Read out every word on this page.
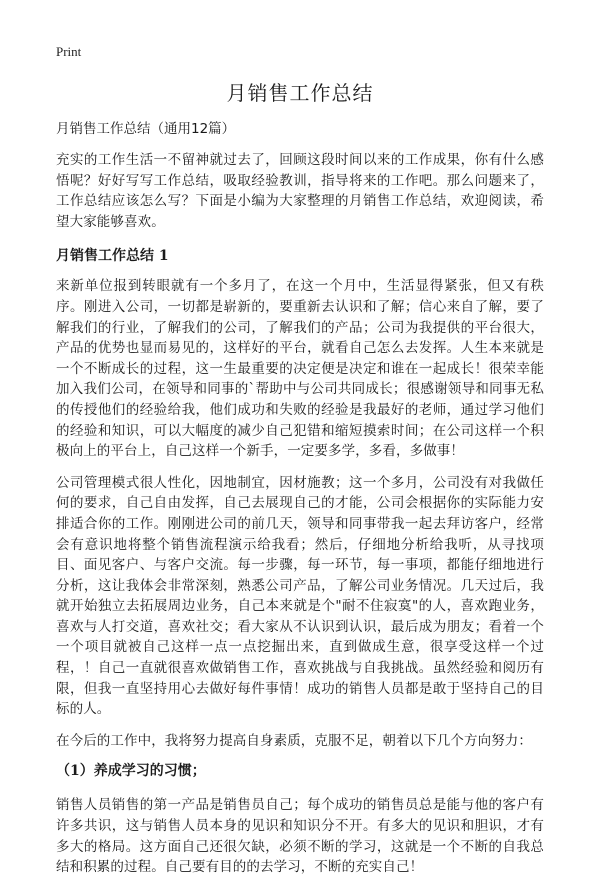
Print
月销售工作总结
月销售工作总结（通用12篇）

充实的工作生活一不留神就过去了，回顾这段时间以来的工作成果，你有什么感悟呢？好好写写工作总结，吸取经验教训，指导将来的工作吧。那么问题来了，工作总结应该怎么写？下面是小编为大家整理的月销售工作总结，欢迎阅读，希望大家能够喜欢。

月销售工作总结 1

来新单位报到转眼就有一个多月了，在这一个月中，生活显得紧张，但又有秩序。刚进入公司，一切都是崭新的，要重新去认识和了解；信心来自了解，要了解我们的行业，了解我们的公司，了解我们的产品；公司为我提供的平台很大，产品的优势也显而易见的，这样好的平台，就看自己怎么去发挥。人生本来就是一个不断成长的过程，这一生最重要的决定便是决定和谁在一起成长！很荣幸能加入我们公司，在领导和同事的`帮助中与公司共同成长；很感谢领导和同事无私的传授他们的经验给我，他们成功和失败的经验是我最好的老师，通过学习他们的经验和知识，可以大幅度的减少自己犯错和缩短摸索时间；在公司这样一个积极向上的平台上，自己这样一个新手，一定要多学，多看，多做事！

公司管理模式很人性化，因地制宜，因材施教；这一个多月，公司没有对我做任何的要求，自己自由发挥，自己去展现自己的才能，公司会根据你的实际能力安排适合你的工作。刚刚进公司的前几天，领导和同事带我一起去拜访客户，经常会有意识地将整个销售流程演示给我看；然后，仔细地分析给我听，从寻找项目、面见客户、与客户交流。每一步骤，每一环节，每一事项，都能仔细地进行分析，这让我体会非常深刻，熟悉公司产品，了解公司业务情况。几天过后，我就开始独立去拓展周边业务，自己本来就是个"耐不住寂寞"的人，喜欢跑业务，喜欢与人打交道，喜欢社交；看大家从不认识到认识，最后成为朋友；看着一个一个项目就被自己这样一点一点挖掘出来，直到做成生意，很享受这样一个过程，！自己一直就很喜欢做销售工作，喜欢挑战与自我挑战。虽然经验和阅历有限，但我一直坚持用心去做好每件事情！成功的销售人员都是敢于坚持自己的目标的人。

在今后的工作中，我将努力提高自身素质，克服不足，朝着以下几个方向努力：

（1）养成学习的习惯；

销售人员销售的第一产品是销售员自己；每个成功的销售员总是能与他的客户有许多共识，这与销售人员本身的见识和知识分不开。有多大的见识和胆识，才有多大的格局。这方面自己还很欠缺，必须不断的学习，这就是一个不断的自我总结和积累的过程。自己要有目的的去学习，不断的充实自己！
